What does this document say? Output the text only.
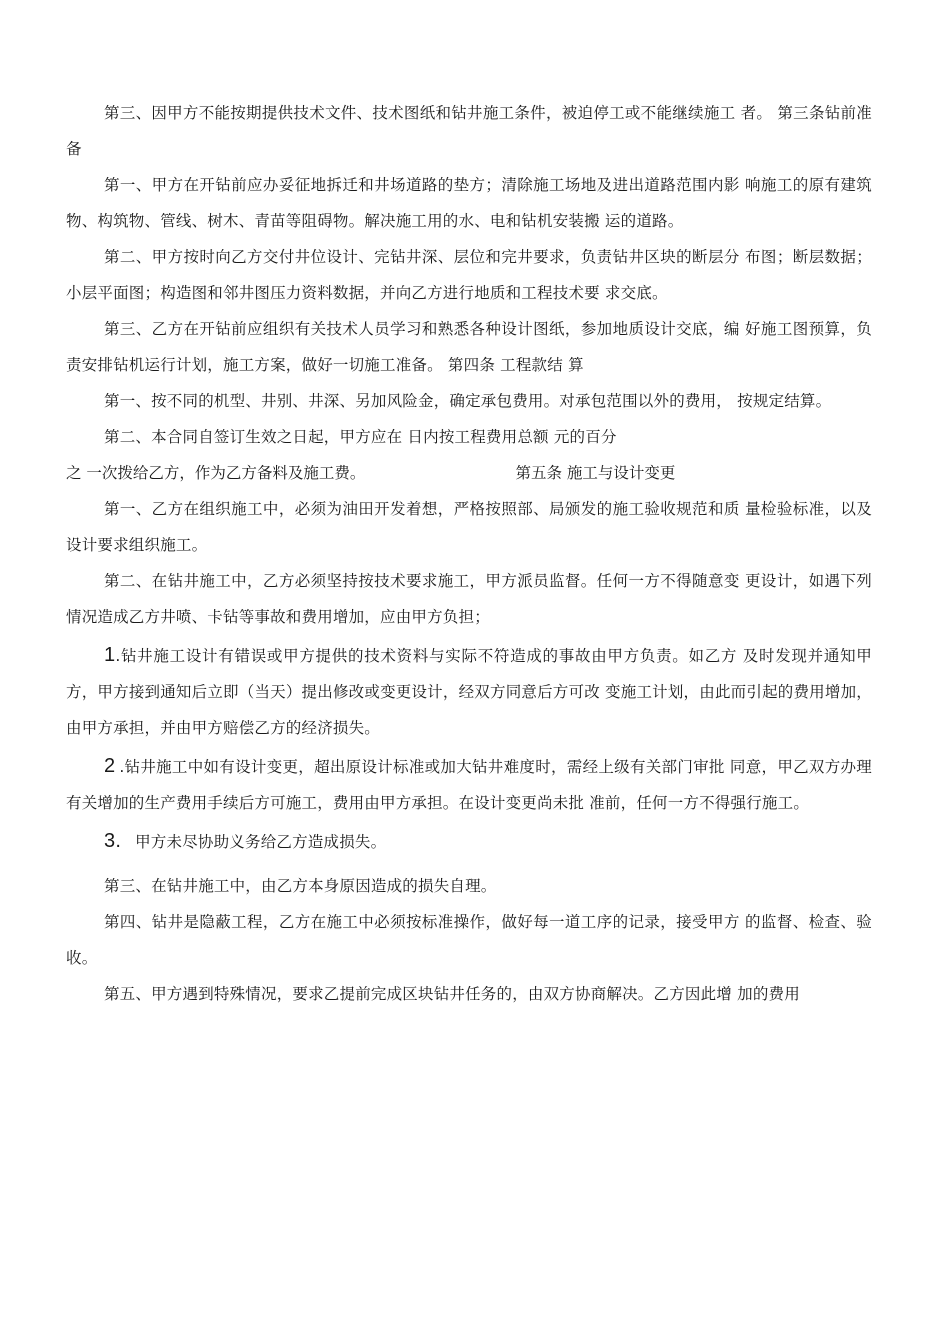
第三、因甲方不能按期提供技术文件、技术图纸和钻井施工条件，被迫停工或不能继续施工 者。 第三条钻前准备

第一、甲方在开钻前应办妥征地拆迁和井场道路的垫方；清除施工场地及进出道路范围内影 响施工的原有建筑物、构筑物、管线、树木、青苗等阻碍物。解决施工用的水、电和钻机安装搬 运的道路。

第二、甲方按时向乙方交付井位设计、完钻井深、层位和完井要求，负责钻井区块的断层分 布图；断层数据；小层平面图；构造图和邻井图压力资料数据，并向乙方进行地质和工程技术要 求交底。

第三、乙方在开钻前应组织有关技术人员学习和熟悉各种设计图纸，参加地质设计交底，编 好施工图预算，负责安排钻机运行计划，施工方案，做好一切施工准备。 第四条 工程款结 算

第一、按不同的机型、井别、井深、另加风险金，确定承包费用。对承包范围以外的费用， 按规定结算。

第二、本合同自签订生效之日起，甲方应在 日内按工程费用总额 元的百分

之 一次拨给乙方，作为乙方备料及施工费。	第五条 施工与设计变更

第一、乙方在组织施工中，必须为油田开发着想，严格按照部、局颁发的施工验收规范和质 量检验标准，以及设计要求组织施工。

第二、在钻井施工中，乙方必须坚持按技术要求施工，甲方派员监督。任何一方不得随意变 更设计，如遇下列情况造成乙方井喷、卡钻等事故和费用增加，应由甲方负担；

1.钻井施工设计有错误或甲方提供的技术资料与实际不符造成的事故由甲方负责。如乙方 及时发现并通知甲方，甲方接到通知后立即（当天）提出修改或变更设计，经双方同意后方可改 变施工计划，由此而引起的费用增加，由甲方承担，并由甲方赔偿乙方的经济损失。

2 .钻井施工中如有设计变更，超出原设计标准或加大钻井难度时，需经上级有关部门审批 同意，甲乙双方办理有关增加的生产费用手续后方可施工，费用由甲方承担。在设计变更尚未批 准前，任何一方不得强行施工。

3. 甲方未尽协助义务给乙方造成损失。

第三、在钻井施工中，由乙方本身原因造成的损失自理。

第四、钻井是隐蔽工程，乙方在施工中必须按标准操作，做好每一道工序的记录，接受甲方 的监督、检查、验收。

第五、甲方遇到特殊情况，要求乙提前完成区块钻井任务的，由双方协商解决。乙方因此增 加的费用
